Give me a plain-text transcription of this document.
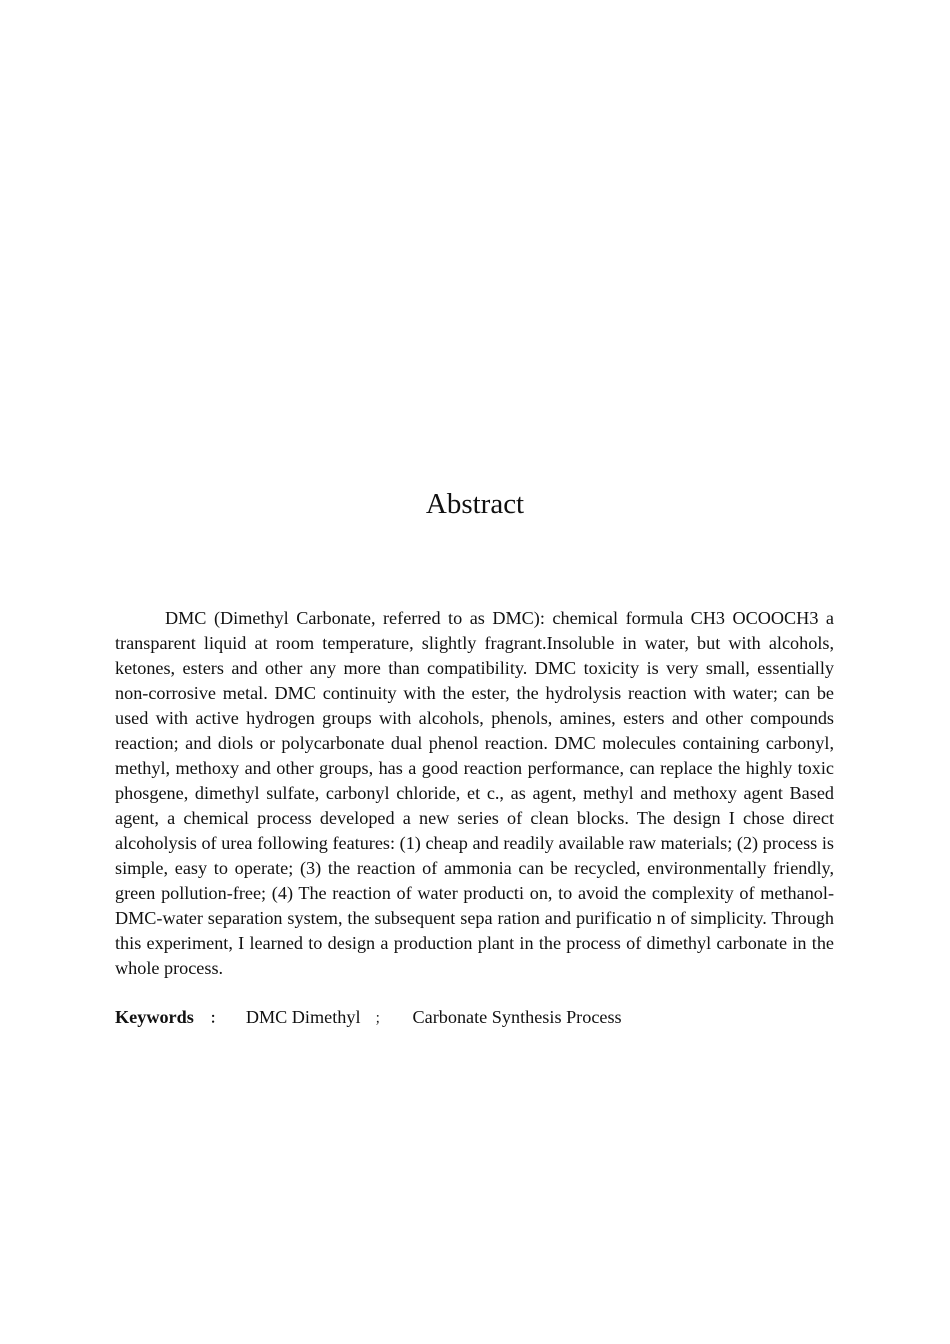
Abstract

DMC (Dimethyl Carbonate, referred to as DMC): chemical formula CH3 OCOOCH3 a transparent liquid at room temperature, slightly fragrant.Insoluble in water, but with alcohols, ketones, esters and other any more than compatibility. DMC toxicity is very small, essentially non-corrosive metal. DMC continuity with the ester, the hydrolysis reaction with water; can be used with active hydrogen groups with alcohols, phenols, amines, esters and other compounds reaction; and diols or polycarbonate dual phenol reaction. DMC molecules containing carbonyl, methyl, methoxy and other groups, has a good reaction performance, can replace the highly toxic phosgene, dimethyl sulfate, carbonyl chloride, et c., as agent, methyl and methoxy agent Based agent, a chemical process developed a new series of clean blocks. The design I chose direct alcoholysis of urea following features: (1) cheap and readily available raw materials; (2) process is simple, easy to operate; (3) the reaction of ammonia can be recycled, environmentally friendly, green pollution-free; (4) The reaction of water producti on, to avoid the complexity of methanol-DMC-water separation system, the subsequent sepa ration and purificatio n of simplicity. Through this experiment, I learned to design a production plant in the process of dimethyl carbonate in the whole process.

Keywords ： DMC Dimethyl ； Carbonate Synthesis Process
